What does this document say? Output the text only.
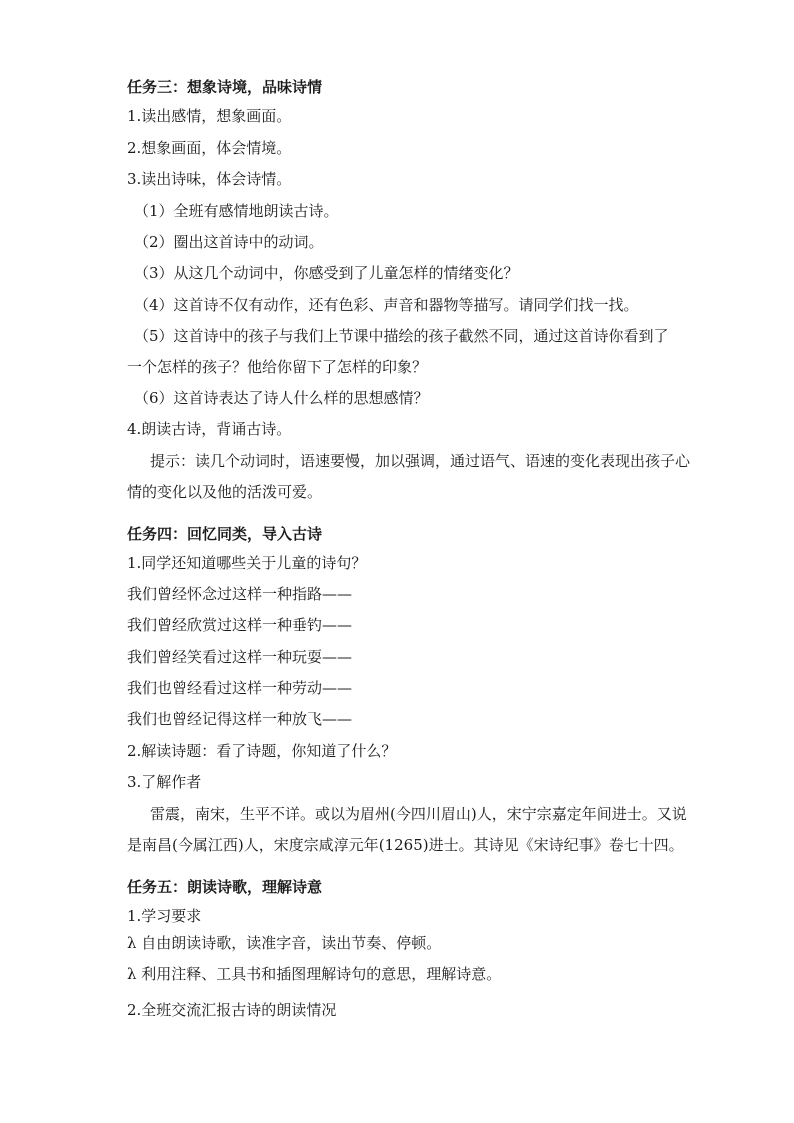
任务三：想象诗境，品味诗情
1.读出感情，想象画面。
2.想象画面，体会情境。
3.读出诗味，体会诗情。
（1）全班有感情地朗读古诗。
（2）圈出这首诗中的动词。
（3）从这几个动词中，你感受到了儿童怎样的情绪变化？
（4）这首诗不仅有动作，还有色彩、声音和器物等描写。请同学们找一找。
（5）这首诗中的孩子与我们上节课中描绘的孩子截然不同，通过这首诗你看到了
一个怎样的孩子？他给你留下了怎样的印象？
（6）这首诗表达了诗人什么样的思想感情？
4.朗读古诗，背诵古诗。
提示：读几个动词时，语速要慢，加以强调，通过语气、语速的变化表现出孩子心
情的变化以及他的活泼可爱。
任务四：回忆同类，导入古诗
1.同学还知道哪些关于儿童的诗句？
我们曾经怀念过这样一种指路——
我们曾经欣赏过这样一种垂钓——
我们曾经笑看过这样一种玩耍——
我们也曾经看过这样一种劳动——
我们也曾经记得这样一种放飞——
2.解读诗题：看了诗题，你知道了什么？
3.了解作者
雷震，南宋，生平不详。或以为眉州(今四川眉山)人，宋宁宗嘉定年间进士。又说
是南昌(今属江西)人，宋度宗咸淳元年(1265)进士。其诗见《宋诗纪事》卷七十四。
任务五：朗读诗歌，理解诗意
1.学习要求
λ 自由朗读诗歌，读准字音，读出节奏、停顿。
λ 利用注释、工具书和插图理解诗句的意思，理解诗意。
2.全班交流汇报古诗的朗读情况
